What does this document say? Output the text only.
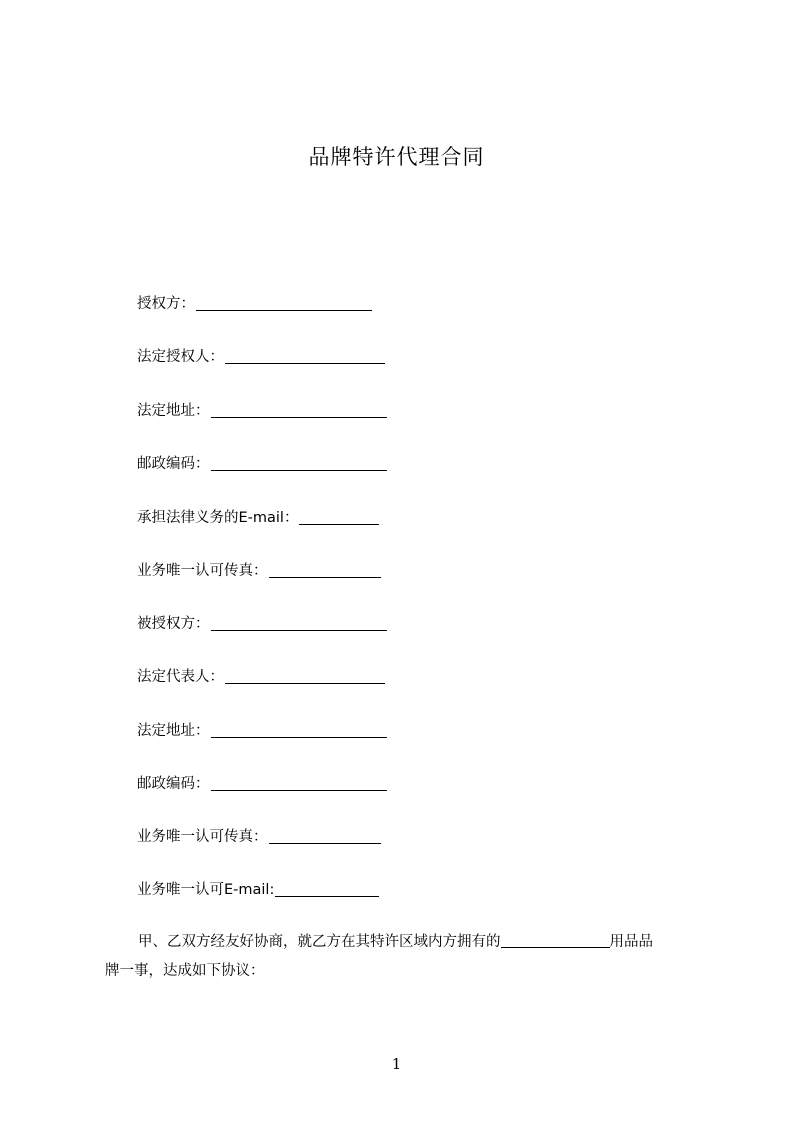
品牌特许代理合同
授权方：
法定授权人：
法定地址：
邮政编码：
承担法律义务的E-mail：
业务唯一认可传真：
被授权方：
法定代表人：
法定地址：
邮政编码：
业务唯一认可传真：
业务唯一认可E-mail:
甲、乙双方经友好协商，就乙方在其特许区域内方拥有的	用品品
牌一事，达成如下协议：
1
